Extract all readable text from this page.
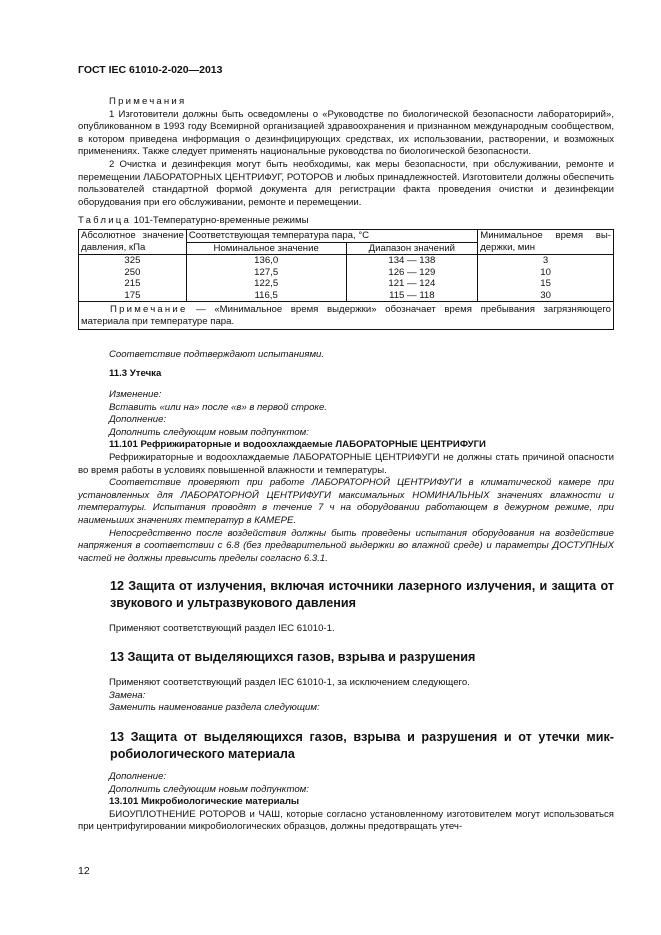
ГОСТ IEC 61010-2-020—2013

Примечания

1 Изготовители должны быть осведомлены о «Руководстве по биологической безопасности лабораторирий», опубликованном в 1993 году Всемирной организацией здравоохранения и признанном международным сообществом, в котором приведена информация о дезинфицирующих средствах, их использовании, растворении, и возможных применениях. Также следует применять национальные руководства по биологической безопасности.

2 Очистка и дезинфекция могут быть необходимы, как меры безопасности, при обслуживании, ремонте и перемещении ЛАБОРАТОРНЫХ ЦЕНТРИФУГ, РОТОРОВ и любых принадлежностей. Изготовители должны обеспечить пользователей стандартной формой документа для регистрации факта проведения очистки и дезинфекции оборудования при его обслуживании, ремонте и перемещении.

Таблица 101-Температурно-временные режимы
Абсолютное значение давления, кПа	Соответствующая температура пара, °С		Минимальное время выдержки, мин
	Номинальное значение	Диапазон значений	
325	136,0	134 — 138	3
250	127,5	126 — 129	10
215	122,5	121 — 124	15
175	116,5	115 — 118	30
Примечание — «Минимальное время выдержки» обозначает время пребывания загрязняющего материала при температуре пара.			

Соответствие подтверждают испытаниями.

11.3 Утечка

Изменение:

Вставить «или на» после «в» в первой строке.

Дополнение:

Дополнить следующим новым подпунктом:

11.101 Рефрижираторные и водоохлаждаемые ЛАБОРАТОРНЫЕ ЦЕНТРИФУГИ

Рефрижираторные и водоохлаждаемые ЛАБОРАТОРНЫЕ ЦЕНТРИФУГИ не должны стать причиной опасности во время работы в условиях повышенной влажности и температуры.

Соответствие проверяют при работе ЛАБОРАТОРНОЙ ЦЕНТРИФУГИ в климатической камере при установленных для ЛАБОРАТОРНОЙ ЦЕНТРИФУГИ максимальных НОМИНАЛЬНЫХ значениях влажности и температуры. Испытания проводят в течение 7 ч на оборудовании работающем в дежурном режиме, при наименьших значениях температур в КАМЕРЕ.

Непосредственно после воздействия должны быть проведены испытания оборудования на воздействие напряжения в соответствии с 6.8 (без предварительной выдержки во влажной среде) и параметры ДОСТУПНЫХ частей не должны превысить пределы согласно 6.3.1.

12 Защита от излучения, включая источники лазерного излучения, и защита от звукового и ультразвукового давления

Применяют соответствующий раздел IEC 61010-1.

13 Защита от выделяющихся газов, взрыва и разрушения

Применяют соответствующий раздел IEC 61010-1, за исключением следующего.

Замена:

Заменить наименование раздела следующим:

13 Защита от выделяющихся газов, взрыва и разрушения и от утечки микробиологического материала

Дополнение:

Дополнить следующим новым подпунктом:

13.101 Микробиологические материалы

БИОУПЛОТНЕНИЕ РОТОРОВ и ЧАШ, которые согласно установленному изготовителем могут использоваться при центрифугировании микробиологических образцов, должны предотвращать утеч-

12
